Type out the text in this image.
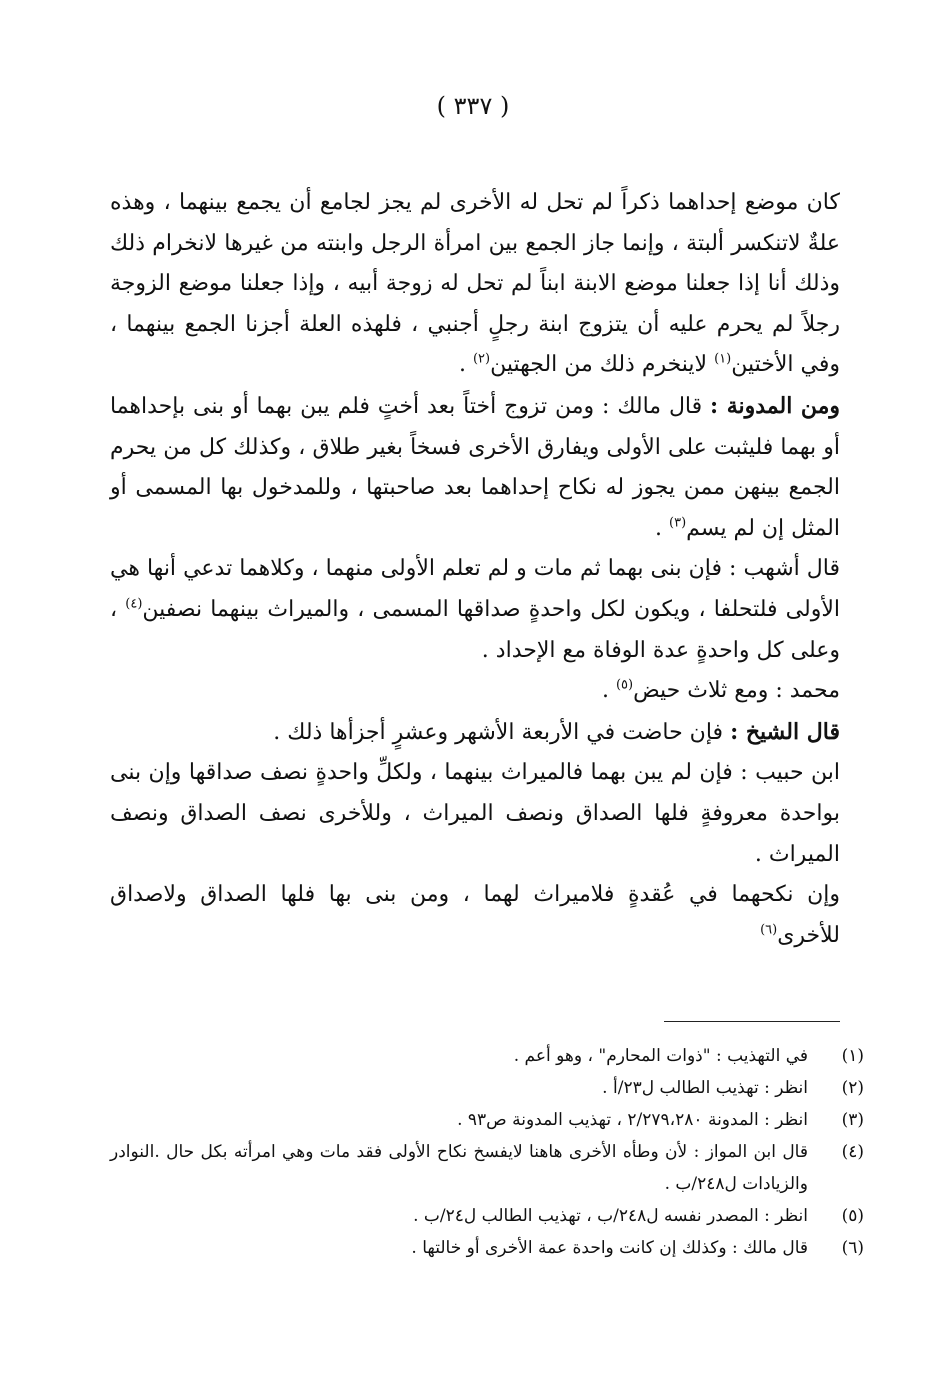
( ٣٣٧ )

كان موضع إحداهما ذكراً لم تحل له الأخرى لم يجز لجامع أن يجمع بينهما ، وهذه علةٌ لاتنكسر ألبتة ، وإنما جاز الجمع بين امرأة الرجل وابنته من غيرها لانخرام ذلك وذلك أنا إذا جعلنا موضع الابنة ابناً لم تحل له زوجة أبيه ، وإذا جعلنا موضع الزوجة رجلاً لم يحرم عليه أن يتزوج ابنة رجلٍ أجنبي ، فلهذه العلة أجزنا الجمع بينهما ، وفي الأختين$^{(١)}$ لاينخرم ذلك من الجهتين$^{(٢)}$ .

ومن المدونة : قال مالك : ومن تزوج أختاً بعد أختٍ فلم يبن بهما أو بنى بإحداهما أو بهما فليثبت على الأولى ويفارق الأخرى فسخاً بغير طلاق ، وكذلك كل من يحرم الجمع بينهن ممن يجوز له نكاح إحداهما بعد صاحبتها ، وللمدخول بها المسمى أو المثل إن لم يسم$^{(٣)}$ .

قال أشهب : فإن بنى بهما ثم مات و لم تعلم الأولى منهما ، وكلاهما تدعي أنها هي الأولى فلتحلفا ، ويكون لكل واحدةٍ صداقها المسمى ، والميراث بينهما نصفين$^{(٤)}$ ، وعلى كل واحدةٍ عدة الوفاة مع الإحداد .

محمد : ومع ثلاث حيض$^{(٥)}$ .

قال الشيخ : فإن حاضت في الأربعة الأشهر وعشرٍ أجزأها ذلك .

ابن حبيب : فإن لم يبن بهما فالميراث بينهما ، ولكلِّ واحدةٍ نصف صداقها وإن بنى بواحدة معروفةٍ فلها الصداق ونصف الميراث ، وللأخرى نصف الصداق ونصف الميراث .

وإن نكحهما في عُقدةٍ فلاميراث لهما ، ومن بنى بها فلها الصداق ولاصداق للأخرى$^{(٦)}$

(١)
في التهذيب : "ذوات المحارم" ، وهو أعم .
(٢)
انظر : تهذيب الطالب ل٢٣/أ .
(٣)
انظر : المدونة ٢/٢٧٩،٢٨٠ ، تهذيب المدونة ص٩٣ .
(٤)
قال ابن المواز : لأن وطأه الأخرى هاهنا لايفسخ نكاح الأولى فقد مات وهي امرأته بكل حال .النوادر والزيادات ل٢٤٨/ب .
(٥)
انظر : المصدر نفسه ل٢٤٨/ب ، تهذيب الطالب ل٢٤/ب .
(٦)
قال مالك : وكذلك إن كانت واحدة عمة الأخرى أو خالتها .
